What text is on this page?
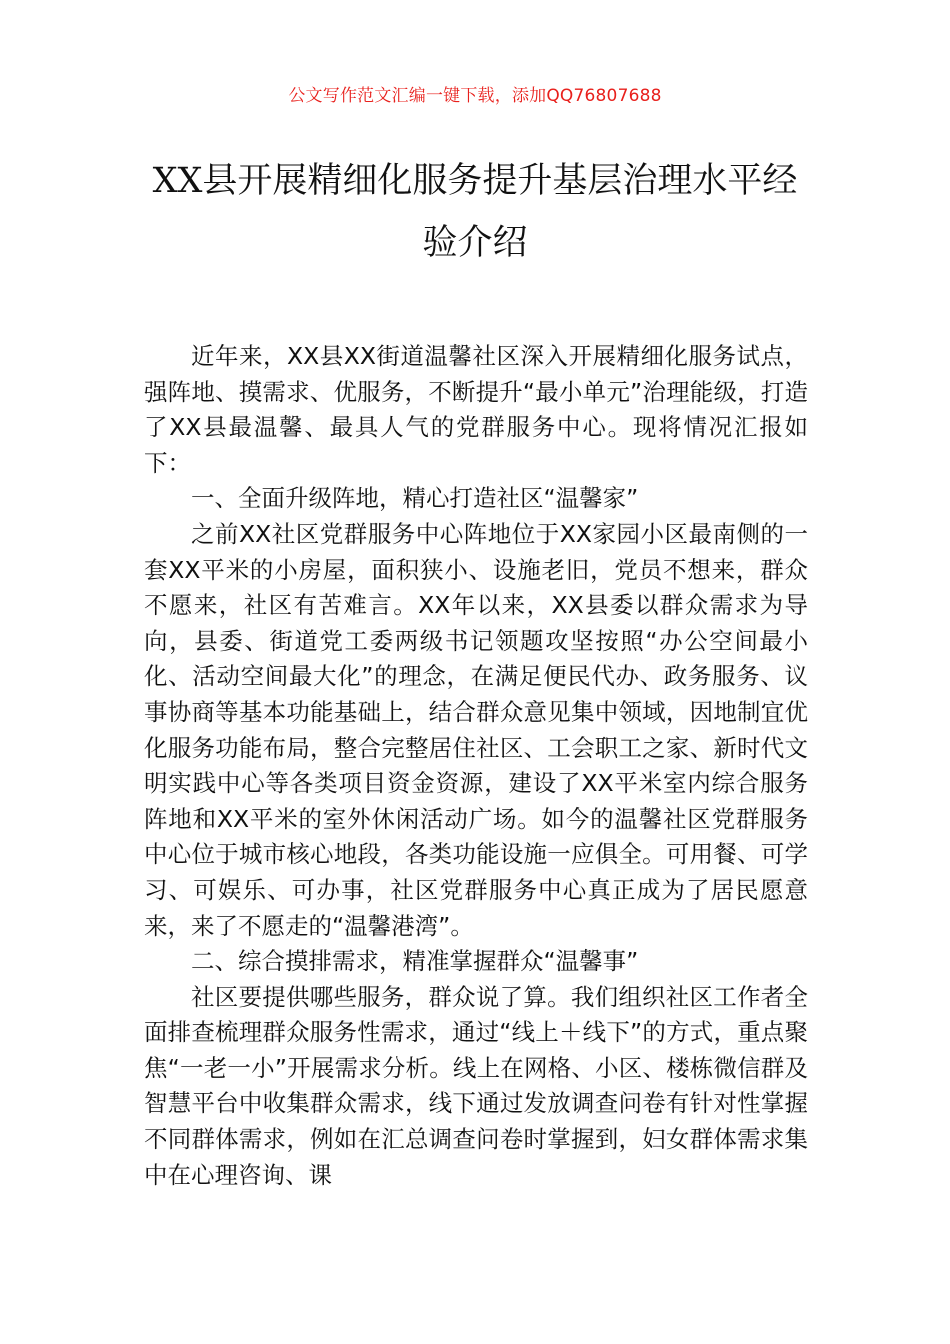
公文写作范文汇编一键下载，添加QQ76807688
XX县开展精细化服务提升基层治理水平经
验介绍

近年来，XX县XX街道温馨社区深入开展精细化服务试点，强阵地、摸需求、优服务，不断提升“最小单元”治理能级，打造了XX县最温馨、最具人气的党群服务中心。现将情况汇报如下：

一、全面升级阵地，精心打造社区“温馨家”

之前XX社区党群服务中心阵地位于XX家园小区最南侧的一套XX平米的小房屋，面积狭小、设施老旧，党员不想来，群众不愿来，社区有苦难言。XX年以来，XX县委以群众需求为导向，县委、街道党工委两级书记领题攻坚按照“办公空间最小化、活动空间最大化”的理念，在满足便民代办、政务服务、议事协商等基本功能基础上，结合群众意见集中领域，因地制宜优化服务功能布局，整合完整居住社区、工会职工之家、新时代文明实践中心等各类项目资金资源，建设了XX平米室内综合服务阵地和XX平米的室外休闲活动广场。如今的温馨社区党群服务中心位于城市核心地段，各类功能设施一应俱全。可用餐、可学习、可娱乐、可办事，社区党群服务中心真正成为了居民愿意来，来了不愿走的“温馨港湾”。

二、综合摸排需求，精准掌握群众“温馨事”

社区要提供哪些服务，群众说了算。我们组织社区工作者全面排查梳理群众服务性需求，通过“线上＋线下”的方式，重点聚焦“一老一小”开展需求分析。线上在网格、小区、楼栋微信群及智慧平台中收集群众需求，线下通过发放调查问卷有针对性掌握不同群体需求，例如在汇总调查问卷时掌握到，妇女群体需求集中在心理咨询、课
